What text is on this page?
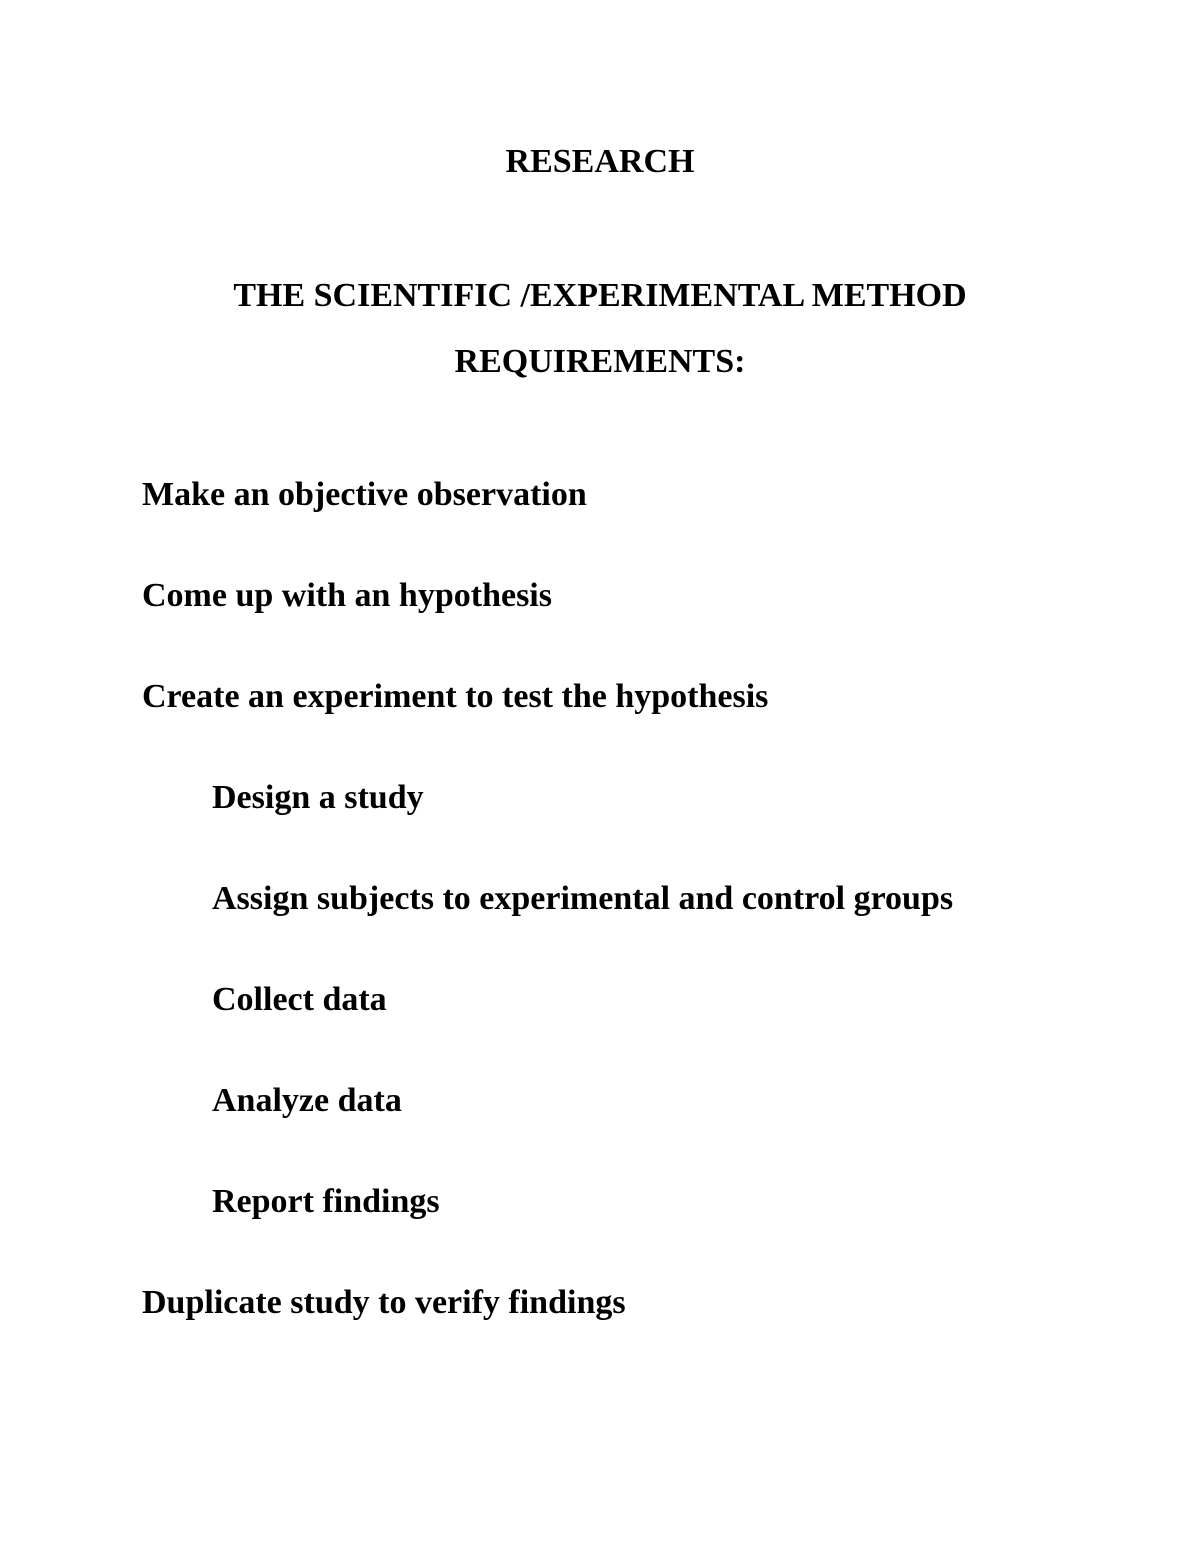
RESEARCH
THE SCIENTIFIC /EXPERIMENTAL METHOD
REQUIREMENTS:

Make an objective observation

Come up with an hypothesis

Create an experiment to test the hypothesis

Design a study

Assign subjects to experimental and control groups

Collect data

Analyze data

Report findings

Duplicate study to verify findings
